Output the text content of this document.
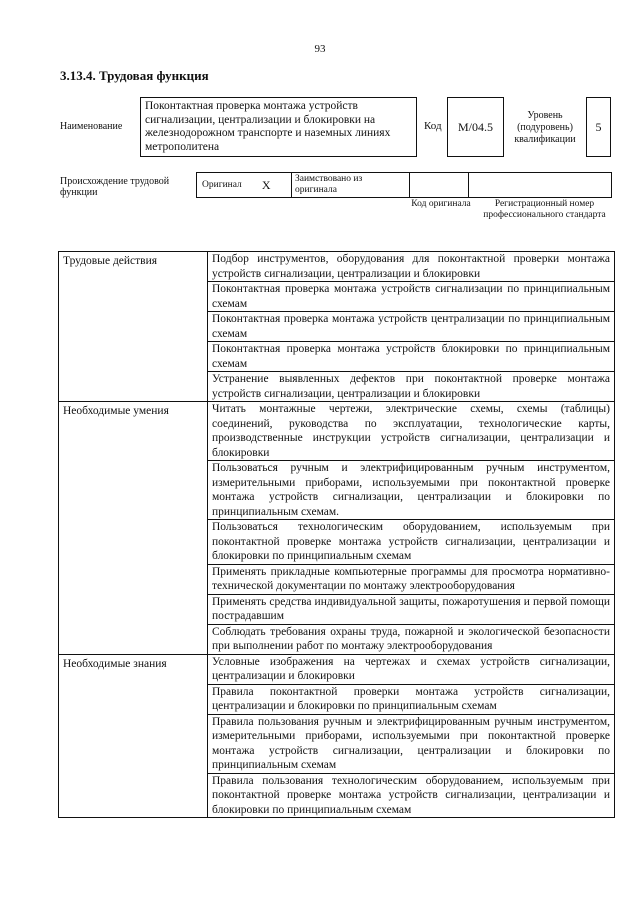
93
3.13.4. Трудовая функция
Наименование
Поконтактная проверка монтажа устройств сигнализации, централизации и блокировки на железнодорожном транспорте и наземных линиях метрополитена
Код M/04.5
Уровень (подуровень) квалификации
5
Происхождение трудовой функции
Оригинал X	Заимствовано из оригинала
Код оригинала	Регистрационный номер профессионального стандарта
Трудовые действия	Подбор инструментов, оборудования для поконтактной проверки монтажа устройств сигнализации, централизации и блокировки
	Поконтактная проверка монтажа устройств сигнализации по принципиальным схемам
	Поконтактная проверка монтажа устройств централизации по принципиальным схемам
	Поконтактная проверка монтажа устройств блокировки по принципиальным схемам
	Устранение выявленных дефектов при поконтактной проверке монтажа устройств сигнализации, централизации и блокировки
Необходимые умения	Читать монтажные чертежи, электрические схемы, схемы (таблицы) соединений, руководства по эксплуатации, технологические карты, производственные инструкции устройств сигнализации, централизации и блокировки
	Пользоваться ручным и электрифицированным ручным инструментом, измерительными приборами, используемыми при поконтактной проверке монтажа устройств сигнализации, централизации и блокировки по принципиальным схемам.
	Пользоваться технологическим оборудованием, используемым при поконтактной проверке монтажа устройств сигнализации, централизации и блокировки по принципиальным схемам
	Применять прикладные компьютерные программы для просмотра нормативно-технической документации по монтажу электрооборудования
	Применять средства индивидуальной защиты, пожаротушения и первой помощи пострадавшим
	Соблюдать требования охраны труда, пожарной и экологической безопасности при выполнении работ по монтажу электрооборудования
Необходимые знания	Условные изображения на чертежах и схемах устройств сигнализации, централизации и блокировки
	Правила поконтактной проверки монтажа устройств сигнализации, централизации и блокировки по принципиальным схемам
	Правила пользования ручным и электрифицированным ручным инструментом, измерительными приборами, используемыми при поконтактной проверке монтажа устройств сигнализации, централизации и блокировки по принципиальным схемам
	Правила пользования технологическим оборудованием, используемым при поконтактной проверке монтажа устройств сигнализации, централизации и блокировки по принципиальным схемам
